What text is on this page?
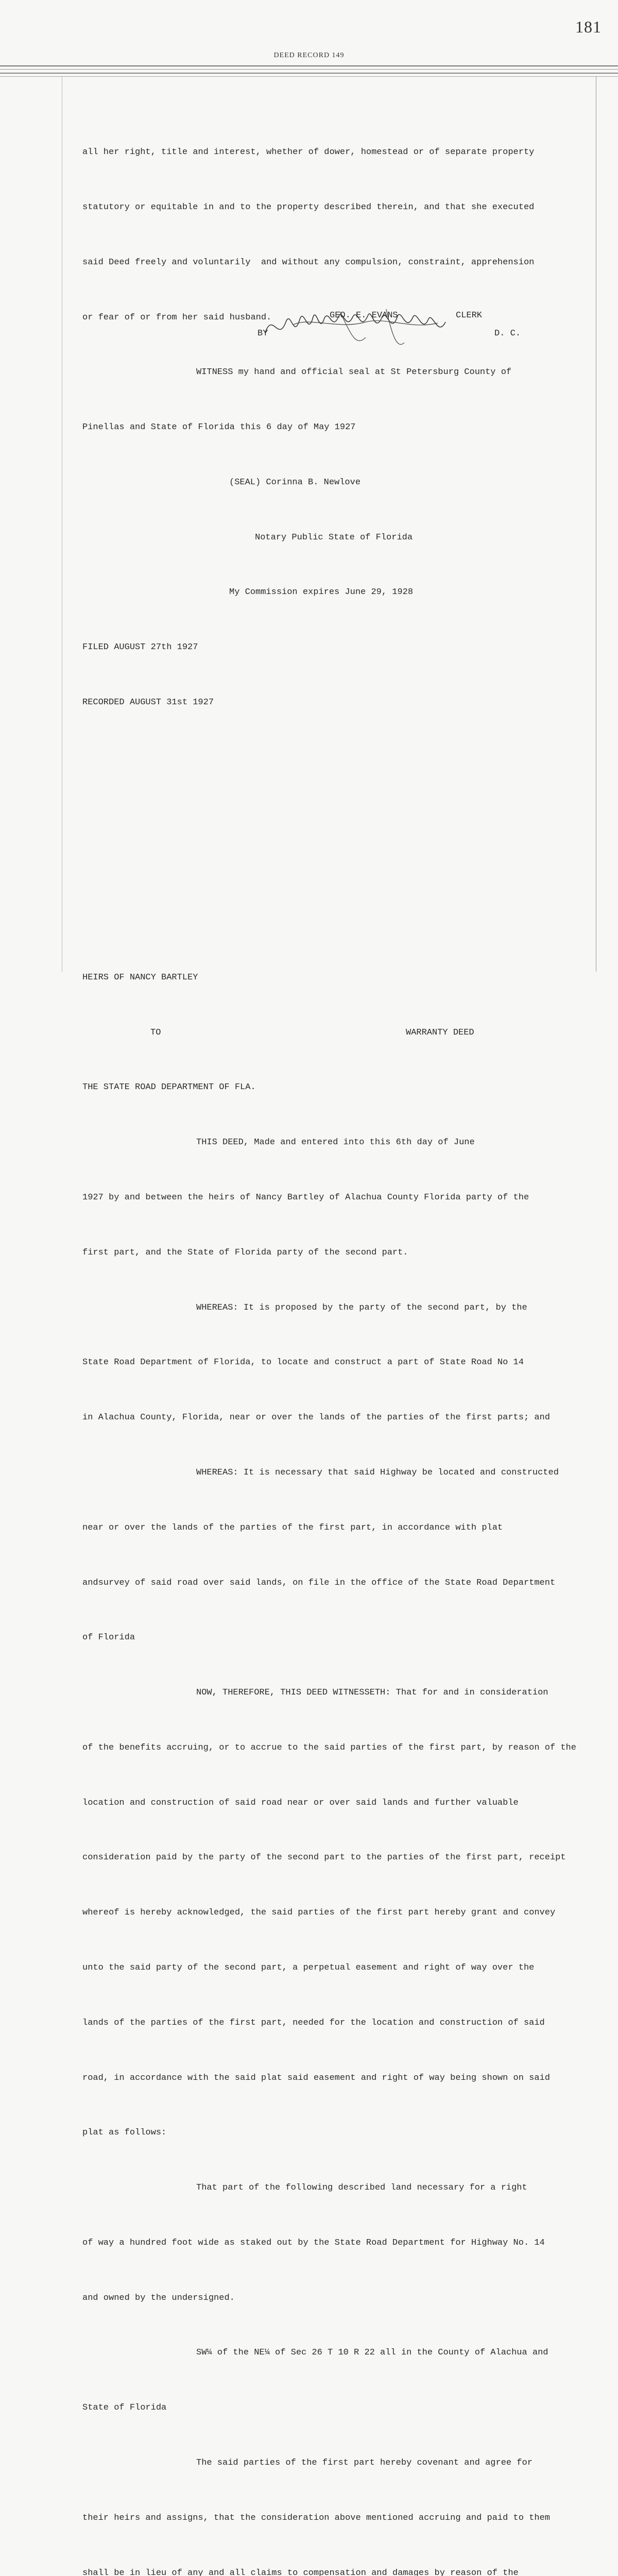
181
DEED RECORD 149

all her right, title and interest, whether of dower, homestead or of separate property

statutory or equitable in and to the property described therein, and that she executed

said Deed freely and voluntarily  and without any compulsion, constraint, apprehension

or fear of or from her said husband.

WITNESS my hand and official seal at St Petersburg County of

Pinellas and State of Florida this 6 day of May 1927

(SEAL) Corinna B. Newlove

Notary Public State of Florida

My Commission expires June 29, 1928

FILED AUGUST 27th 1927

RECORDED AUGUST 31st 1927

HEIRS OF NANCY BARTLEY

TO	WARRANTY DEED

THE STATE ROAD DEPARTMENT OF FLA.

THIS DEED, Made and entered into this 6th day of June

1927 by and between the heirs of Nancy Bartley of Alachua County Florida party of the

first part, and the State of Florida party of the second part.

WHEREAS: It is proposed by the party of the second part, by the

State Road Department of Florida, to locate and construct a part of State Road No 14

in Alachua County, Florida, near or over the lands of the parties of the first parts; and

WHEREAS: It is necessary that said Highway be located and constructed

near or over the lands of the parties of the first part, in accordance with plat

andsurvey of said road over said lands, on file in the office of the State Road Department

of Florida

NOW, THEREFORE, THIS DEED WITNESSETH: That for and in consideration

of the benefits accruing, or to accrue to the said parties of the first part, by reason of the

location and construction of said road near or over said lands and further valuable

consideration paid by the party of the second part to the parties of the first part, receipt

whereof is hereby acknowledged, the said parties of the first part hereby grant and convey

unto the said party of the second part, a perpetual easement and right of way over the

lands of the parties of the first part, needed for the location and construction of said

road, in accordance with the said plat said easement and right of way being shown on said

plat as follows:

That part of the following described land necessary for a right

of way a hundred foot wide as staked out by the State Road Department for Highway No. 14

and owned by the undersigned.

SW¼ of the NE¼ of Sec 26 T 10 R 22 all in the County of Alachua and

State of Florida

The said parties of the first part hereby covenant and agree for

their heirs and assigns, that the consideration above mentioned accruing and paid to them

shall be in lieu of any and all claims to compensation and damages by reason of the

GEO. E. EVANS	CLERK
BY	D. C.
